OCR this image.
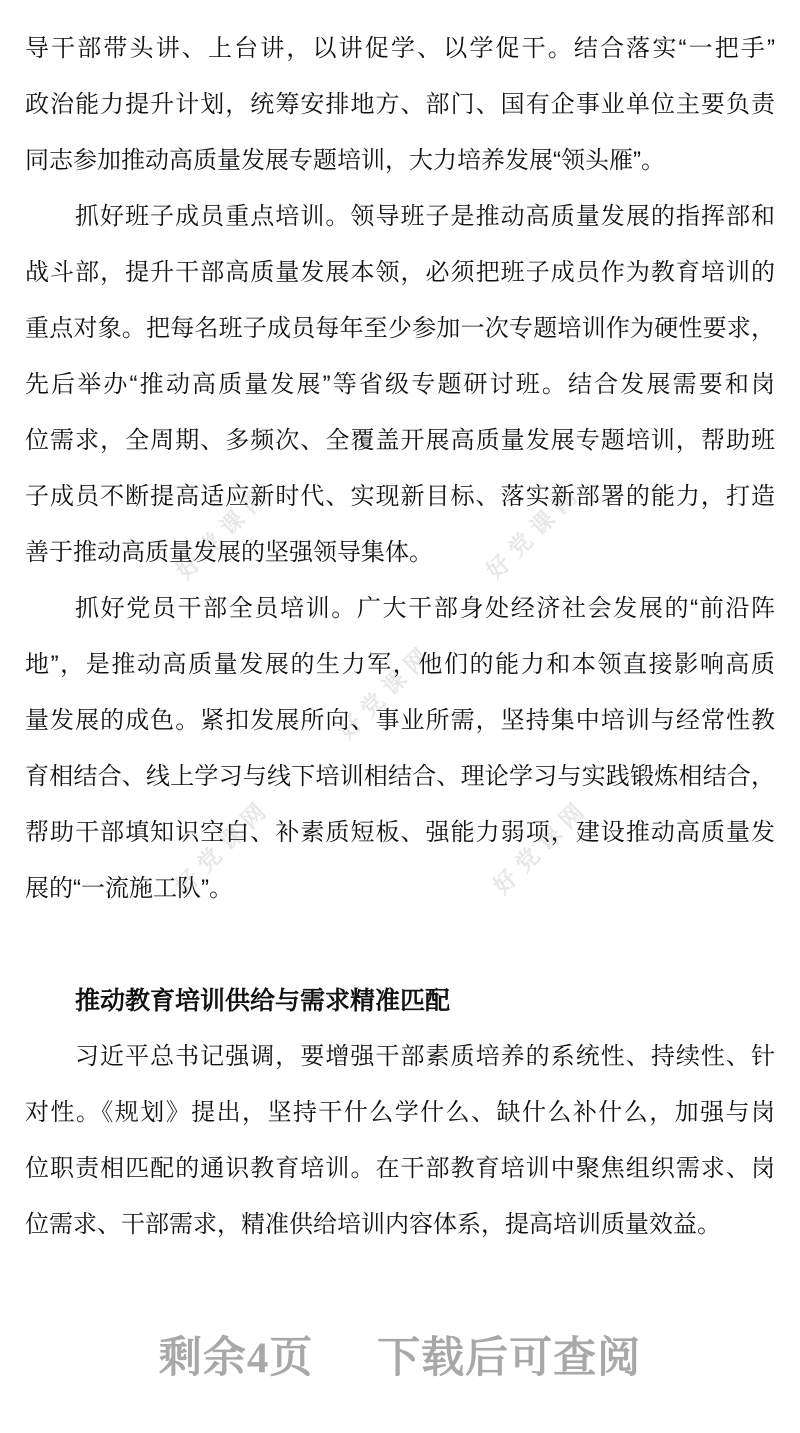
好党课网	好党课网
好党课网
好党课网	好党课网
导干部带头讲、上台讲，以讲促学、以学促干。结合落实“一把手”
政治能力提升计划，统筹安排地方、部门、国有企事业单位主要负责
同志参加推动高质量发展专题培训，大力培养发展“领头雁”。
抓好班子成员重点培训。领导班子是推动高质量发展的指挥部和
战斗部，提升干部高质量发展本领，必须把班子成员作为教育培训的
重点对象。把每名班子成员每年至少参加一次专题培训作为硬性要求，
先后举办“推动高质量发展”等省级专题研讨班。结合发展需要和岗
位需求，全周期、多频次、全覆盖开展高质量发展专题培训，帮助班
子成员不断提高适应新时代、实现新目标、落实新部署的能力，打造
善于推动高质量发展的坚强领导集体。
抓好党员干部全员培训。广大干部身处经济社会发展的“前沿阵
地”，是推动高质量发展的生力军，他们的能力和本领直接影响高质
量发展的成色。紧扣发展所向、事业所需，坚持集中培训与经常性教
育相结合、线上学习与线下培训相结合、理论学习与实践锻炼相结合，
帮助干部填知识空白、补素质短板、强能力弱项，建设推动高质量发
展的“一流施工队”。
推动教育培训供给与需求精准匹配
习近平总书记强调，要增强干部素质培养的系统性、持续性、针
对性。《规划》提出，坚持干什么学什么、缺什么补什么，加强与岗
位职责相匹配的通识教育培训。在干部教育培训中聚焦组织需求、岗
位需求、干部需求，精准供给培训内容体系，提高培训质量效益。
剩余4页 下载后可查阅
